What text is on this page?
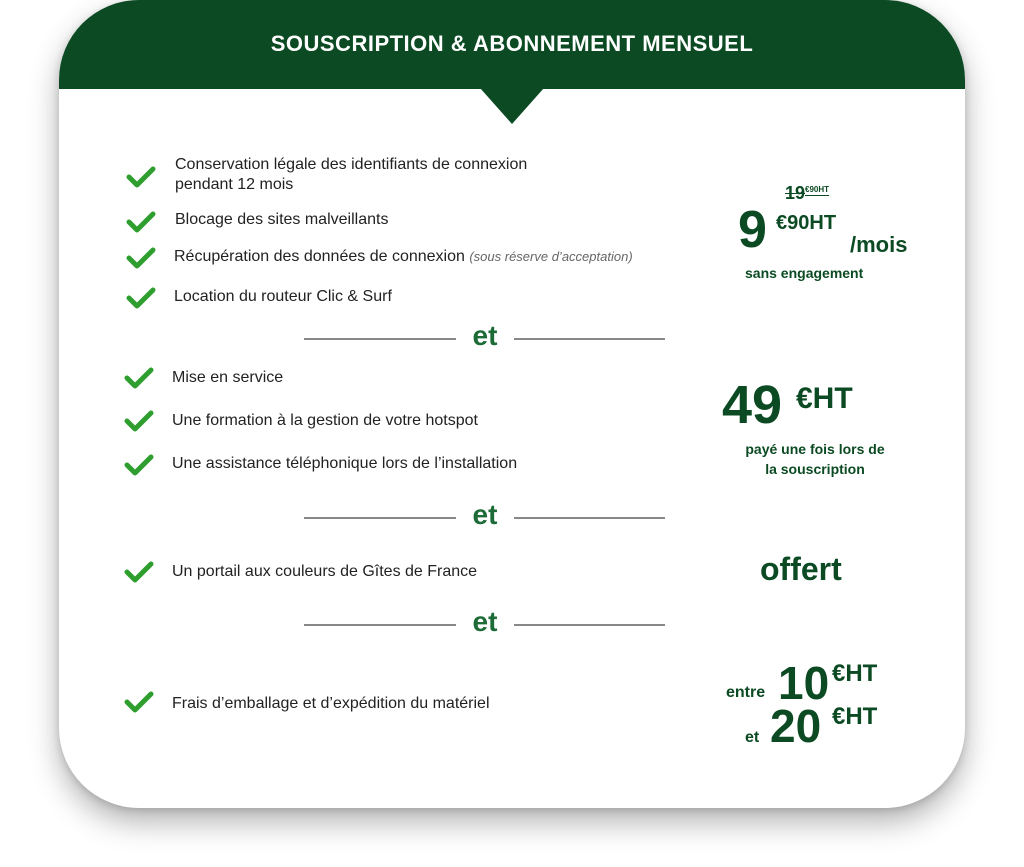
SOUSCRIPTION & ABONNEMENT MENSUEL
Conservation légale des identifiants de connexion
pendant 12 mois
Blocage des sites malveillants
Récupération des données de connexion (sous réserve d’acceptation)
Location du routeur Clic & Surf
$19^{€90HT}$
9 €90HT
/mois
sans engagement
et
Mise en service
Une formation à la gestion de votre hotspot
Une assistance téléphonique lors de l’installation
49 €HT
payé une fois lors de
la souscription
et
Un portail aux couleurs de Gîtes de France	offert
et
Frais d’emballage et d’expédition du matériel
entre 10 €HT
et 20 €HT
